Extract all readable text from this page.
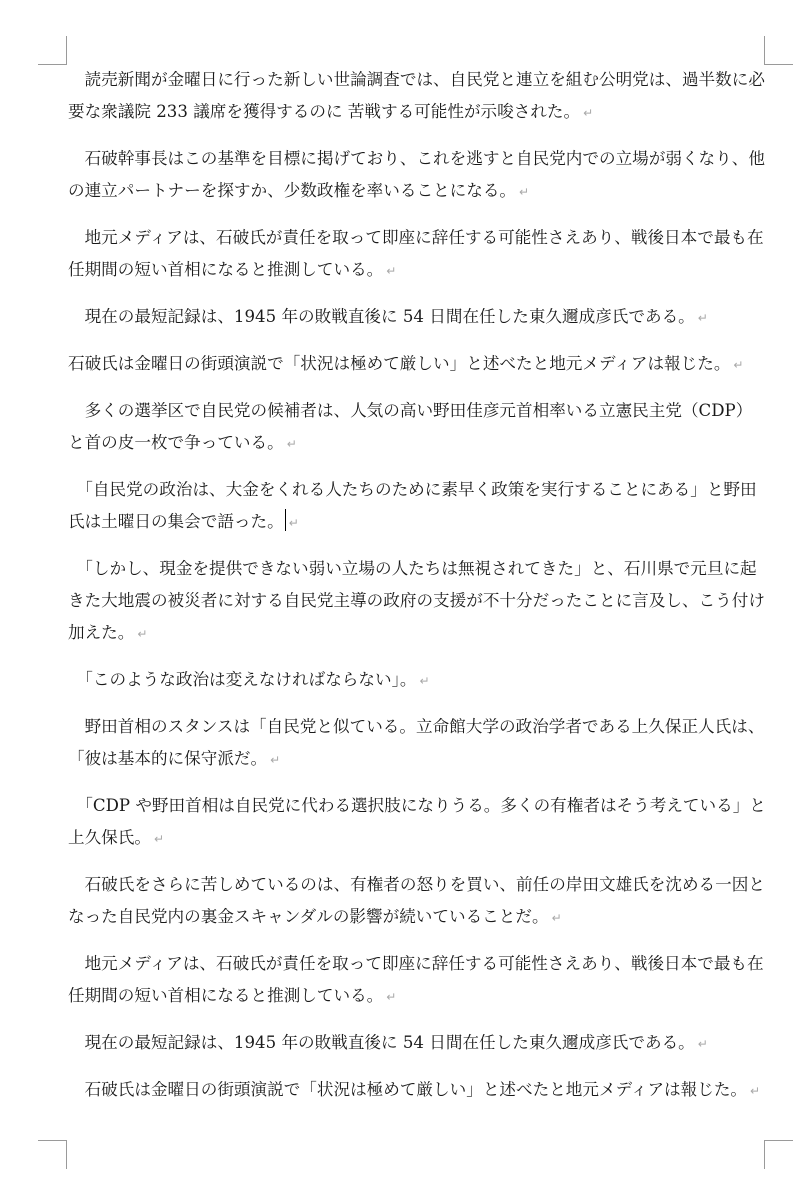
　読売新聞が金曜日に行った新しい世論調査では、自民党と連立を組む公明党は、過半数に必要な衆議院 233 議席を獲得するのに 苦戦する可能性が示唆された。 ↵

　石破幹事長はこの基準を目標に掲げており、これを逃すと自民党内での立場が弱くなり、他の連立パートナーを探すか、少数政権を率いることになる。 ↵

　地元メディアは、石破氏が責任を取って即座に辞任する可能性さえあり、戦後日本で最も在任期間の短い首相になると推測している。 ↵

　現在の最短記録は、1945 年の敗戦直後に 54 日間在任した東久邇成彦氏である。 ↵

石破氏は金曜日の街頭演説で「状況は極めて厳しい」と述べたと地元メディアは報じた。 ↵

　多くの選挙区で自民党の候補者は、人気の高い野田佳彦元首相率いる立憲民主党（CDP）と首の皮一枚で争っている。 ↵

　「自民党の政治は、大金をくれる人たちのために素早く政策を実行することにある」と野田氏は土曜日の集会で語った。 ↵

　「しかし、現金を提供できない弱い立場の人たちは無視されてきた」と、石川県で元旦に起きた大地震の被災者に対する自民党主導の政府の支援が不十分だったことに言及し、こう付け加えた。 ↵

　「このような政治は変えなければならない」。 ↵

　野田首相のスタンスは「自民党と似ている。立命館大学の政治学者である上久保正人氏は、「彼は基本的に保守派だ。 ↵

　「CDP や野田首相は自民党に代わる選択肢になりうる。多くの有権者はそう考えている」と上久保氏。 ↵

　石破氏をさらに苦しめているのは、有権者の怒りを買い、前任の岸田文雄氏を沈める一因となった自民党内の裏金スキャンダルの影響が続いていることだ。 ↵

　地元メディアは、石破氏が責任を取って即座に辞任する可能性さえあり、戦後日本で最も在任期間の短い首相になると推測している。 ↵

　現在の最短記録は、1945 年の敗戦直後に 54 日間在任した東久邇成彦氏である。 ↵

　石破氏は金曜日の街頭演説で「状況は極めて厳しい」と述べたと地元メディアは報じた。 ↵
